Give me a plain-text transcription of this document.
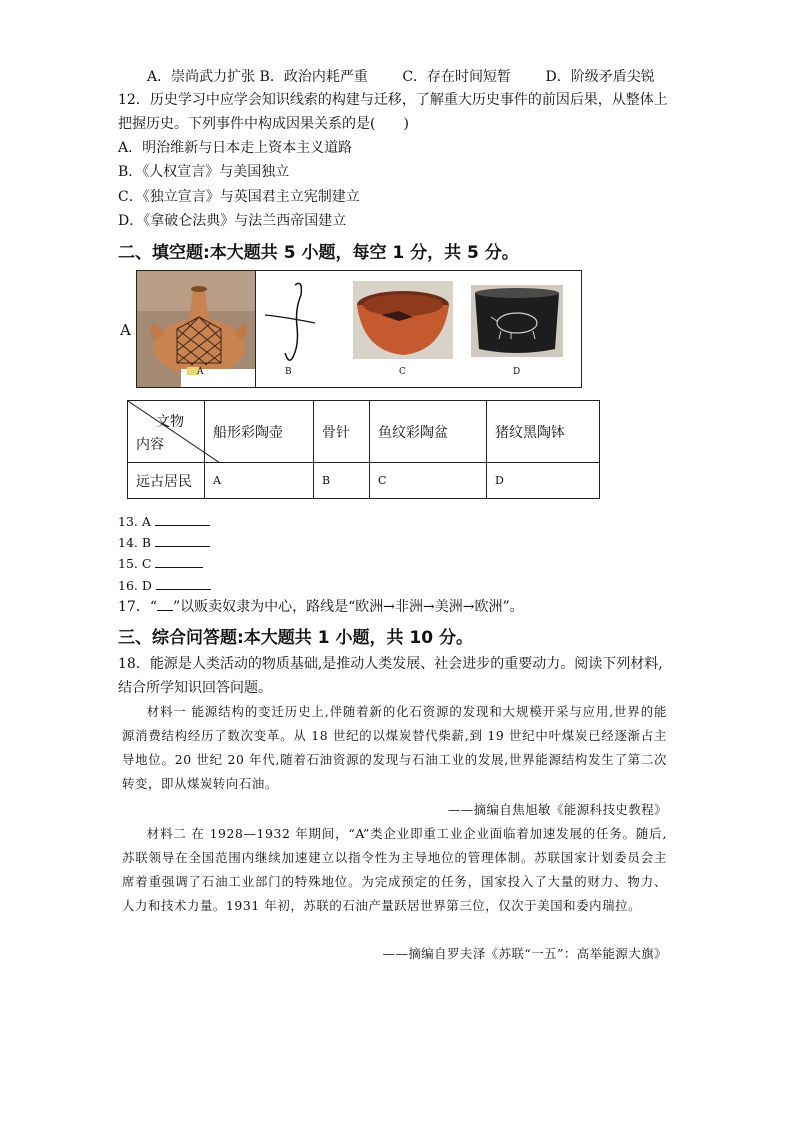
A．崇尚武力扩张 B．政治内耗严重 C．存在时间短暂 D．阶级矛盾尖锐
12．历史学习中应学会知识线索的构建与迁移，了解重大历史事件的前因后果，从整体上
把握历史。下列事件中构成因果关系的是(　　)
A．明治维新与日本走上资本主义道路
B．《人权宣言》与美国独立
C．《独立宣言》与英国君主立宪制建立
D．《拿破仑法典》与法兰西帝国建立
二、填空题:本大题共 5 小题，每空 1 分，共 5 分。
A
A	B	C	D
文物
内容	船形彩陶壶	骨针	鱼纹彩陶盆	猪纹黑陶钵
远古居民	A	B	C	D
13. A
14. B
15. C
16. D
17．“ ”以贩卖奴隶为中心，路线是“欧洲→非洲→美洲→欧洲”。
三、综合问答题:本大题共 1 小题，共 10 分。
18．能源是人类活动的物质基础,是推动人类发展、社会进步的重要动力。阅读下列材料,
结合所学知识回答问题。

材料一 能源结构的变迁历史上,伴随着新的化石资源的发现和大规模开采与应用,世界的能源消费结构经历了数次变革。从 18 世纪的以煤炭替代柴薪,到 19 世纪中叶煤炭已经逐渐占主导地位。20 世纪 20 年代,随着石油资源的发现与石油工业的发展,世界能源结构发生了第二次转变，即从煤炭转向石油。

——摘编自焦旭敏《能源科技史教程》

材料二 在 1928—1932 年期间，“A”类企业即重工业企业面临着加速发展的任务。随后,苏联领导在全国范围内继续加速建立以指令性为主导地位的管理体制。苏联国家计划委员会主席着重强调了石油工业部门的特殊地位。为完成预定的任务，国家投入了大量的财力、物力、人力和技术力量。1931 年初，苏联的石油产量跃居世界第三位，仅次于美国和委内瑞拉。

——摘编自罗夫泽《苏联“一五”：高举能源大旗》
